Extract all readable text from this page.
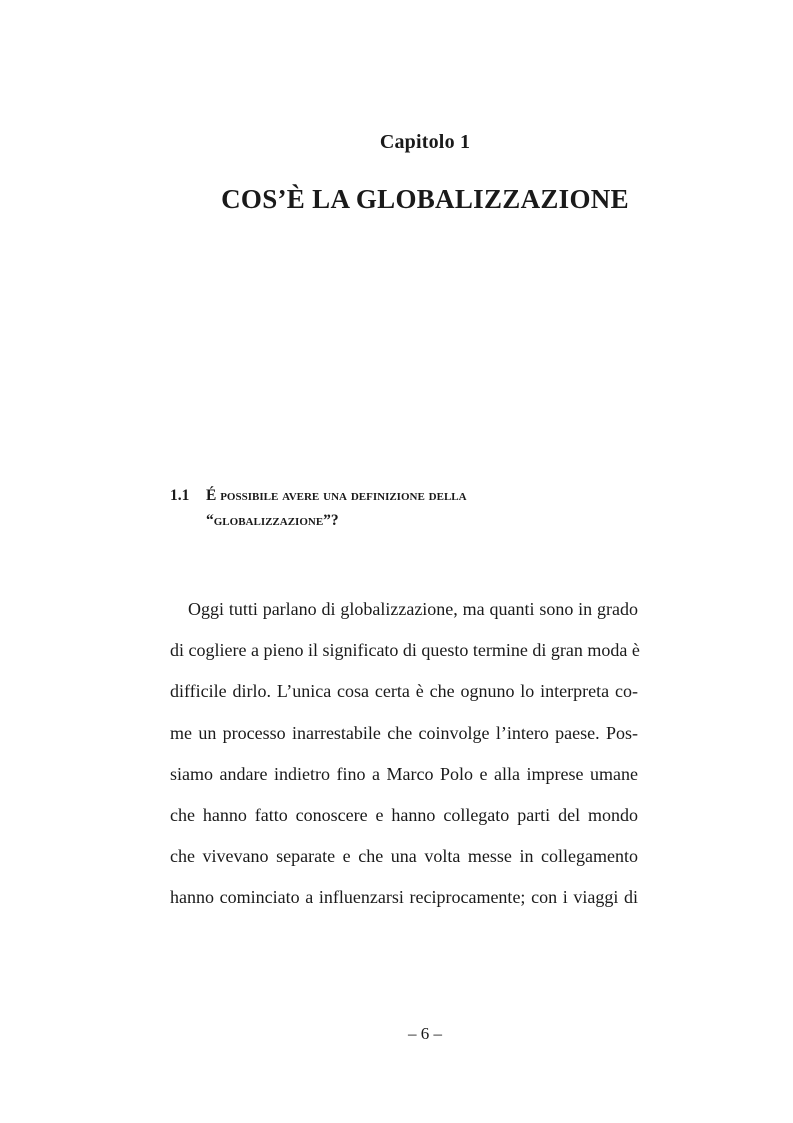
Capitolo 1
COS’È LA GLOBALIZZAZIONE
1.1 É possibile avere una definizione della
“globalizzazione”?
Oggi tutti parlano di globalizzazione, ma quanti sono in grado
di cogliere a pieno il significato di questo termine di gran moda è
difficile dirlo. L’unica cosa certa è che ognuno lo interpreta co-
me un processo inarrestabile che coinvolge l’intero paese. Pos-
siamo andare indietro fino a Marco Polo e alla imprese umane
che hanno fatto conoscere e hanno collegato parti del mondo
che vivevano separate e che una volta messe in collegamento
hanno cominciato a influenzarsi reciprocamente; con i viaggi di
– 6 –
